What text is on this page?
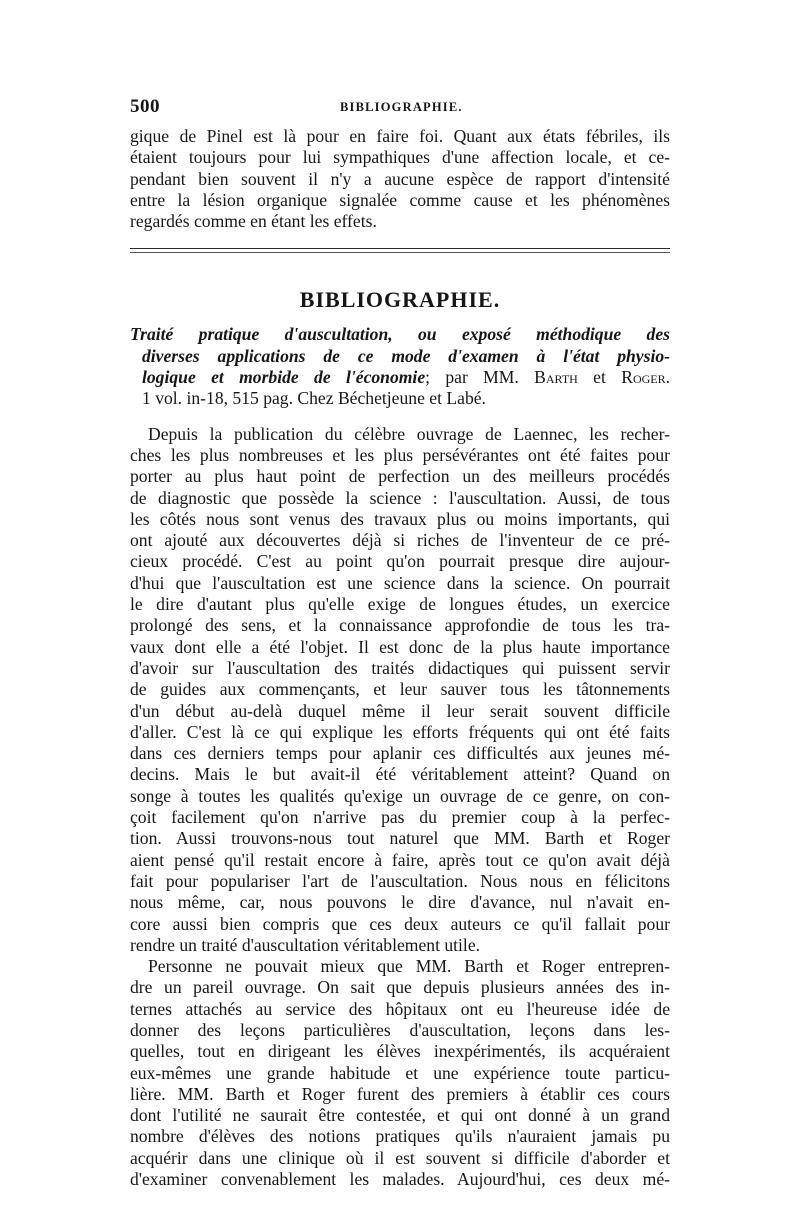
500	BIBLIOGRAPHIE.
gique de Pinel est là pour en faire foi. Quant aux états fébriles, ils
étaient toujours pour lui sympathiques d'une affection locale, et ce-
pendant bien souvent il n'y a aucune espèce de rapport d'intensité
entre la lésion organique signalée comme cause et les phénomènes
regardés comme en étant les effets.
BIBLIOGRAPHIE.
Traité pratique d'auscultation, ou exposé méthodique des
diverses applications de ce mode d'examen à l'état physio-
logique et morbide de l'économie; par MM. Barth et Roger.
1 vol. in-18, 515 pag. Chez Béchetjeune et Labé.
Depuis la publication du célèbre ouvrage de Laennec, les recher-
ches les plus nombreuses et les plus persévérantes ont été faites pour
porter au plus haut point de perfection un des meilleurs procédés
de diagnostic que possède la science : l'auscultation. Aussi, de tous
les côtés nous sont venus des travaux plus ou moins importants, qui
ont ajouté aux découvertes déjà si riches de l'inventeur de ce pré-
cieux procédé. C'est au point qu'on pourrait presque dire aujour-
d'hui que l'auscultation est une science dans la science. On pourrait
le dire d'autant plus qu'elle exige de longues études, un exercice
prolongé des sens, et la connaissance approfondie de tous les tra-
vaux dont elle a été l'objet. Il est donc de la plus haute importance
d'avoir sur l'auscultation des traités didactiques qui puissent servir
de guides aux commençants, et leur sauver tous les tâtonnements
d'un début au-delà duquel même il leur serait souvent difficile
d'aller. C'est là ce qui explique les efforts fréquents qui ont été faits
dans ces derniers temps pour aplanir ces difficultés aux jeunes mé-
decins. Mais le but avait-il été véritablement atteint? Quand on
songe à toutes les qualités qu'exige un ouvrage de ce genre, on con-
çoit facilement qu'on n'arrive pas du premier coup à la perfec-
tion. Aussi trouvons-nous tout naturel que MM. Barth et Roger
aient pensé qu'il restait encore à faire, après tout ce qu'on avait déjà
fait pour populariser l'art de l'auscultation. Nous nous en félicitons
nous même, car, nous pouvons le dire d'avance, nul n'avait en-
core aussi bien compris que ces deux auteurs ce qu'il fallait pour
rendre un traité d'auscultation véritablement utile.
Personne ne pouvait mieux que MM. Barth et Roger entrepren-
dre un pareil ouvrage. On sait que depuis plusieurs années des in-
ternes attachés au service des hôpitaux ont eu l'heureuse idée de
donner des leçons particulières d'auscultation, leçons dans les-
quelles, tout en dirigeant les élèves inexpérimentés, ils acquéraient
eux-mêmes une grande habitude et une expérience toute particu-
lière. MM. Barth et Roger furent des premiers à établir ces cours
dont l'utilité ne saurait être contestée, et qui ont donné à un grand
nombre d'élèves des notions pratiques qu'ils n'auraient jamais pu
acquérir dans une clinique où il est souvent si difficile d'aborder et
d'examiner convenablement les malades. Aujourd'hui, ces deux mé-
